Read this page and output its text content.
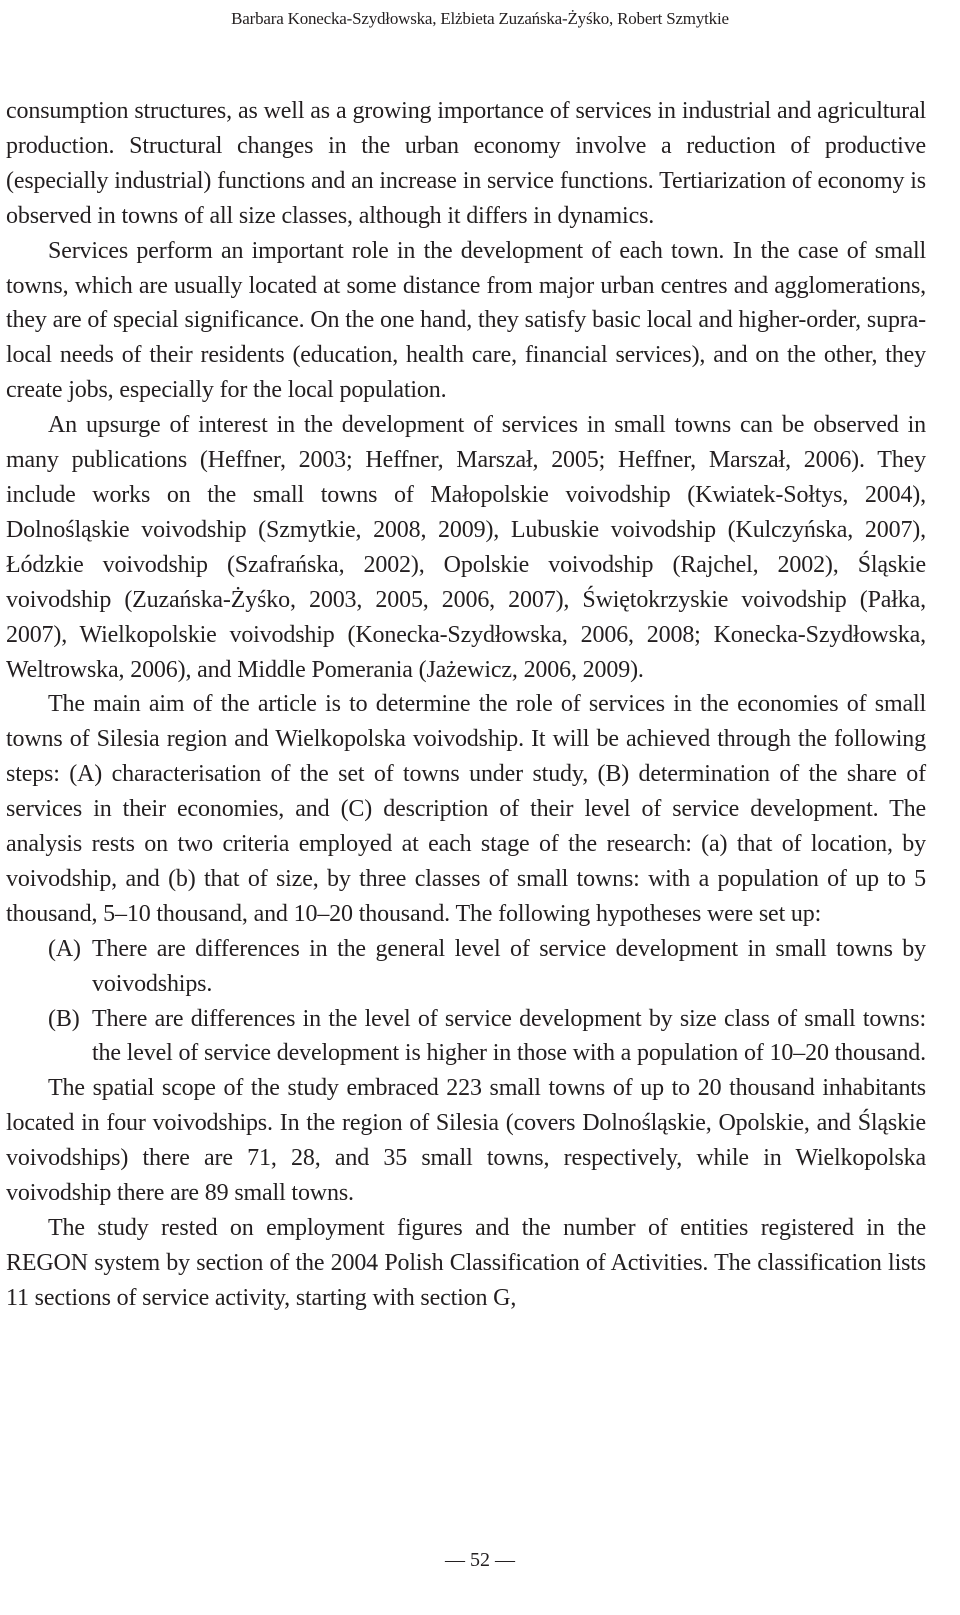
Barbara Konecka-Szydłowska, Elżbieta Zuzańska-Żyśko, Robert Szmytkie

consumption structures, as well as a growing importance of services in industrial and agricultural production. Structural changes in the urban economy involve a reduction of productive (especially industrial) functions and an increase in service functions. Tertiarization of economy is observed in towns of all size classes, although it differs in dynamics.

Services perform an important role in the development of each town. In the case of small towns, which are usually located at some distance from major urban centres and agglomerations, they are of special significance. On the one hand, they satisfy basic local and higher-order, supra-local needs of their residents (education, health care, financial services), and on the other, they create jobs, especially for the local population.

An upsurge of interest in the development of services in small towns can be observed in many publications (Heffner, 2003; Heffner, Marszał, 2005; Heffner, Marszał, 2006). They include works on the small towns of Małopolskie voivodship (Kwiatek-Sołtys, 2004), Dolnośląskie voivodship (Szmytkie, 2008, 2009), Lubuskie voivodship (Kulczyńska, 2007), Łódzkie voivodship (Szafrańska, 2002), Opolskie voivodship (Rajchel, 2002), Śląskie voivodship (Zuzańska-Żyśko, 2003, 2005, 2006, 2007), Świętokrzyskie voivodship (Pałka, 2007), Wielkopolskie voivodship (Konecka-Szydłowska, 2006, 2008; Konecka-Szydłowska, Weltrowska, 2006), and Middle Pomerania (Jażewicz, 2006, 2009).

The main aim of the article is to determine the role of services in the economies of small towns of Silesia region and Wielkopolska voivodship. It will be achieved through the following steps: (A) characterisation of the set of towns under study, (B) determination of the share of services in their economies, and (C) description of their level of service development. The analysis rests on two criteria employed at each stage of the research: (a) that of location, by voivodship, and (b) that of size, by three classes of small towns: with a population of up to 5 thousand, 5–10 thousand, and 10–20 thousand. The following hypotheses were set up:

(A) There are differences in the general level of service development in small towns by voivodships.
(B) There are differences in the level of service development by size class of small towns: the level of service development is higher in those with a population of 10–20 thousand.

The spatial scope of the study embraced 223 small towns of up to 20 thousand inhabitants located in four voivodships. In the region of Silesia (covers Dolnośląskie, Opolskie, and Śląskie voivodships) there are 71, 28, and 35 small towns, respectively, while in Wielkopolska voivodship there are 89 small towns.

The study rested on employment figures and the number of entities registered in the REGON system by section of the 2004 Polish Classification of Activities. The classification lists 11 sections of service activity, starting with section G,

— 52 —
